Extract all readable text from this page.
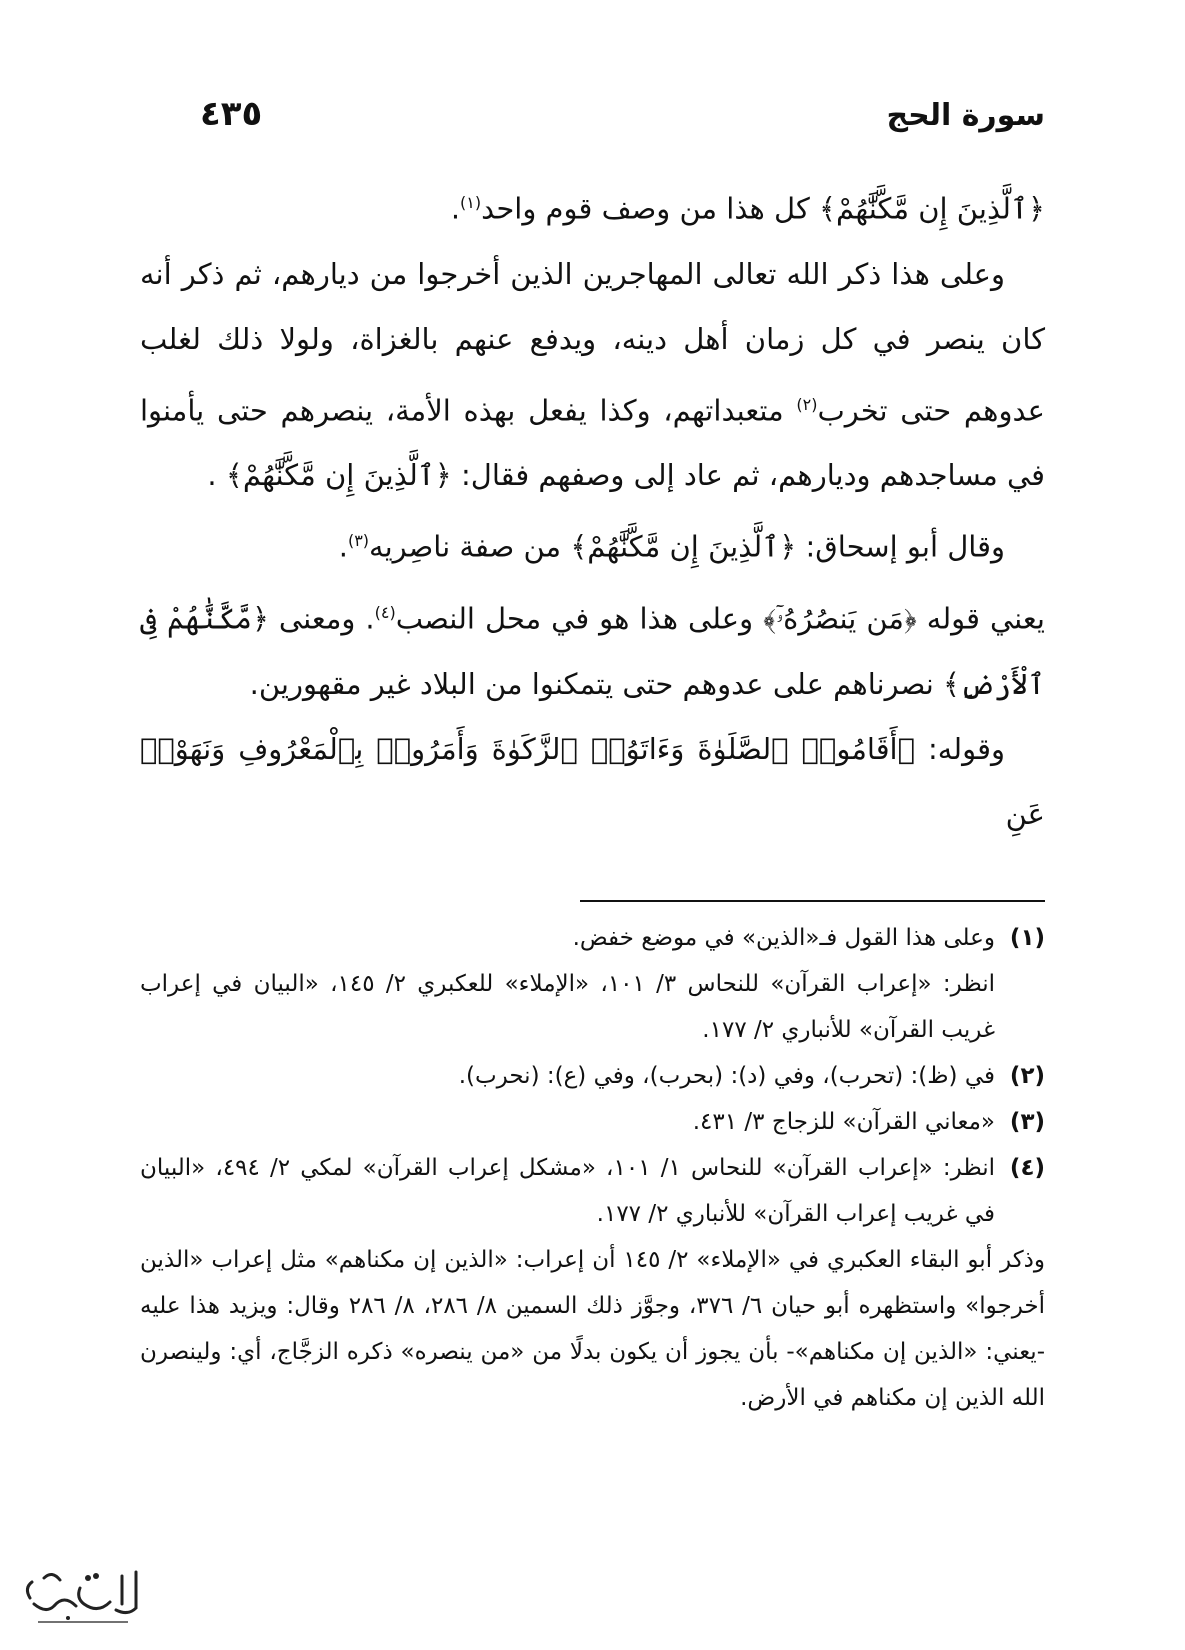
سورة الحج
٤٣٥

﴿ٱلَّذِينَ إِن مَّكَّنَّٰهُمْ﴾ كل هذا من وصف قوم واحد$^{(١)}$.

وعلى هذا ذكر الله تعالى المهاجرين الذين أخرجوا من ديارهم، ثم ذكر أنه كان ينصر في كل زمان أهل دينه، ويدفع عنهم بالغزاة، ولولا ذلك لغلب عدوهم حتى تخرب$^{(٢)}$ متعبداتهم، وكذا يفعل بهذه الأمة، ينصرهم حتى يأمنوا في مساجدهم وديارهم، ثم عاد إلى وصفهم فقال: ﴿ٱلَّذِينَ إِن مَّكَّنَّٰهُمْ﴾ .

وقال أبو إسحاق: ﴿ٱلَّذِينَ إِن مَّكَّنَّٰهُمْ﴾ من صفة ناصِريه$^{(٣)}$.

يعني قوله ﴿مَن يَنصُرُهُۥٓ﴾ وعلى هذا هو في محل النصب$^{(٤)}$. ومعنى ﴿مَّكَّنَّٰهُمْ فِى ٱلْأَرْضِ﴾ نصرناهم على عدوهم حتى يتمكنوا من البلاد غير مقهورين.

وقوله: ﴿أَقَامُوا۟ ٱلصَّلَوٰةَ وَءَاتَوُا۟ ٱلزَّكَوٰةَ وَأَمَرُوا۟ بِٱلْمَعْرُوفِ وَنَهَوْا۟ عَنِ

(١)

وعلى هذا القول فـ«الذين» في موضع خفض.

انظر: «إعراب القرآن» للنحاس ٣/ ١٠١، «الإملاء» للعكبري ٢/ ١٤٥، «البيان في إعراب غريب القرآن» للأنباري ٢/ ١٧٧.

(٢)

في (ظ): (تحرب)، وفي (د): (بحرب)، وفي (ع): (نحرب).

(٣)

«معاني القرآن» للزجاج ٣/ ٤٣١.

(٤)

انظر: «إعراب القرآن» للنحاس ١/ ١٠١، «مشكل إعراب القرآن» لمكي ٢/ ٤٩٤، «البيان في غريب إعراب القرآن» للأنباري ٢/ ١٧٧.

وذكر أبو البقاء العكبري في «الإملاء» ٢/ ١٤٥ أن إعراب: «الذين إن مكناهم» مثل إعراب «الذين أخرجوا» واستظهره أبو حيان ٦/ ٣٧٦، وجوَّز ذلك السمين ٨/ ٢٨٦، ٨/ ٢٨٦ وقال: ويزيد هذا عليه -يعني: «الذين إن مكناهم»- بأن يجوز أن يكون بدلًا من «من ينصره» ذكره الزجَّاج، أي: ولينصرن الله الذين إن مكناهم في الأرض.
